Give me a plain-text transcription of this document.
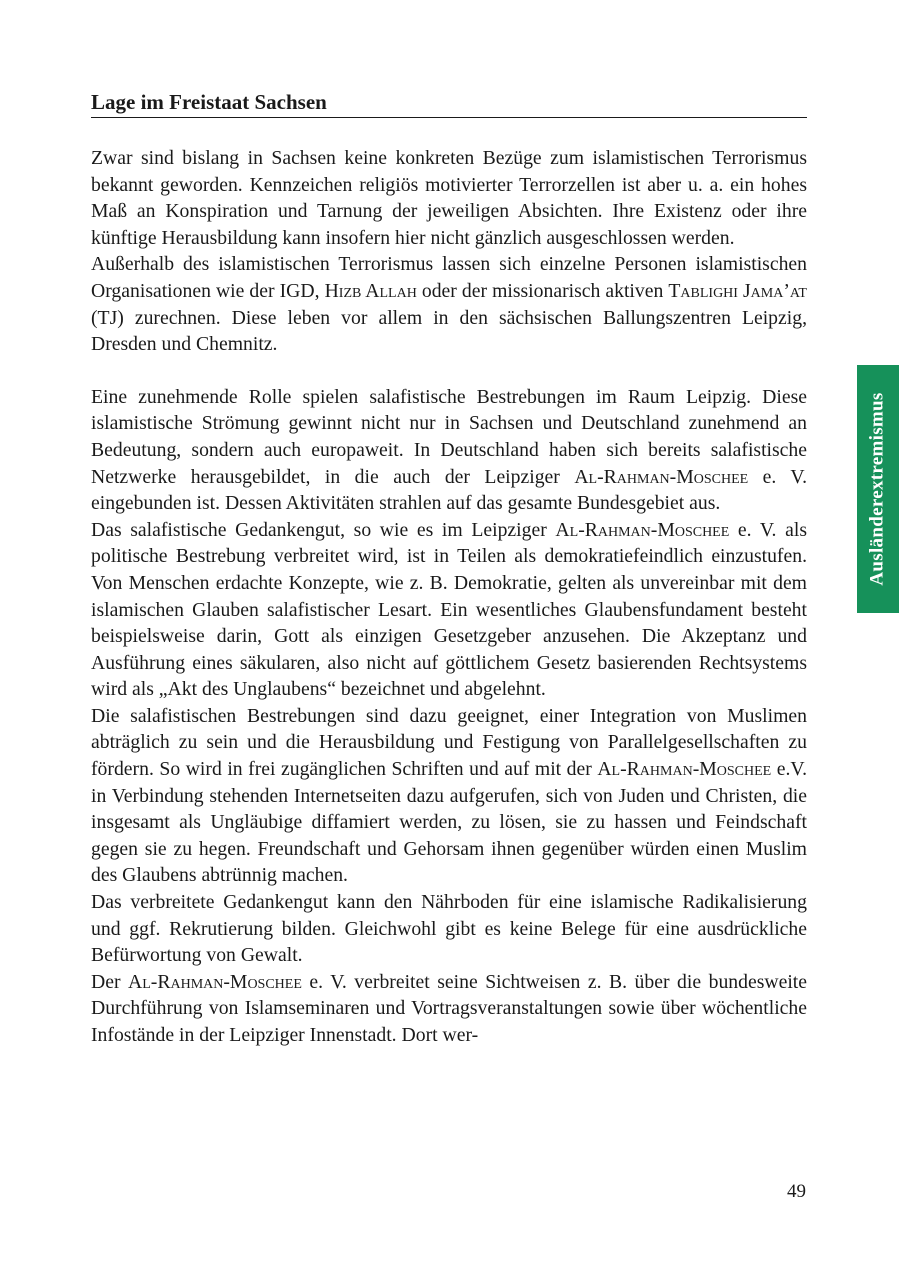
Lage im Freistaat Sachsen

Zwar sind bislang in Sachsen keine konkreten Bezüge zum islamistischen Terrorismus bekannt geworden. Kennzeichen religiös motivierter Terrorzellen ist aber u. a. ein hohes Maß an Konspiration und Tarnung der jeweiligen Absichten. Ihre Existenz oder ihre künftige Herausbildung kann insofern hier nicht gänzlich ausgeschlossen werden.

Außerhalb des islamistischen Terrorismus lassen sich einzelne Personen islamistischen Organisationen wie der IGD, Hizb Allah oder der missionarisch aktiven Tablighi Jama’at (TJ) zurechnen. Diese leben vor allem in den sächsischen Ballungszentren Leipzig, Dresden und Chemnitz.

Eine zunehmende Rolle spielen salafistische Bestrebungen im Raum Leipzig. Diese islamistische Strömung gewinnt nicht nur in Sachsen und Deutschland zunehmend an Bedeutung, sondern auch europaweit. In Deutschland haben sich bereits salafistische Netzwerke herausgebildet, in die auch der Leipziger Al-Rahman-Moschee e. V. eingebunden ist. Dessen Aktivitäten strahlen auf das gesamte Bundesgebiet aus.

Das salafistische Gedankengut, so wie es im Leipziger Al-Rahman-Moschee e. V. als politische Bestrebung verbreitet wird, ist in Teilen als demokratiefeindlich einzustufen. Von Menschen erdachte Konzepte, wie z. B. Demokratie, gelten als unvereinbar mit dem islamischen Glauben salafistischer Lesart. Ein wesentliches Glaubensfundament besteht beispielsweise darin, Gott als einzigen Gesetzgeber anzusehen. Die Akzeptanz und Ausführung eines säkularen, also nicht auf göttlichem Gesetz basierenden Rechtsystems wird als „Akt des Unglaubens“ bezeichnet und abgelehnt.

Die salafistischen Bestrebungen sind dazu geeignet, einer Integration von Muslimen abträglich zu sein und die Herausbildung und Festigung von Parallelgesellschaften zu fördern. So wird in frei zugänglichen Schriften und auf mit der Al-Rahman-Moschee e.V. in Verbindung stehenden Internetseiten dazu aufgerufen, sich von Juden und Christen, die insgesamt als Ungläubige diffamiert werden, zu lösen, sie zu hassen und Feindschaft gegen sie zu hegen. Freundschaft und Gehorsam ihnen gegenüber würden einen Muslim des Glaubens abtrünnig machen.

Das verbreitete Gedankengut kann den Nährboden für eine islamische Radikalisierung und ggf. Rekrutierung bilden. Gleichwohl gibt es keine Belege für eine ausdrückliche Befürwortung von Gewalt.

Der Al-Rahman-Moschee e. V. verbreitet seine Sichtweisen z. B. über die bundesweite Durchführung von Islamseminaren und Vortragsveranstaltungen sowie über wöchentliche Infostände in der Leipziger Innenstadt. Dort wer-

Ausländerextremismus
49
